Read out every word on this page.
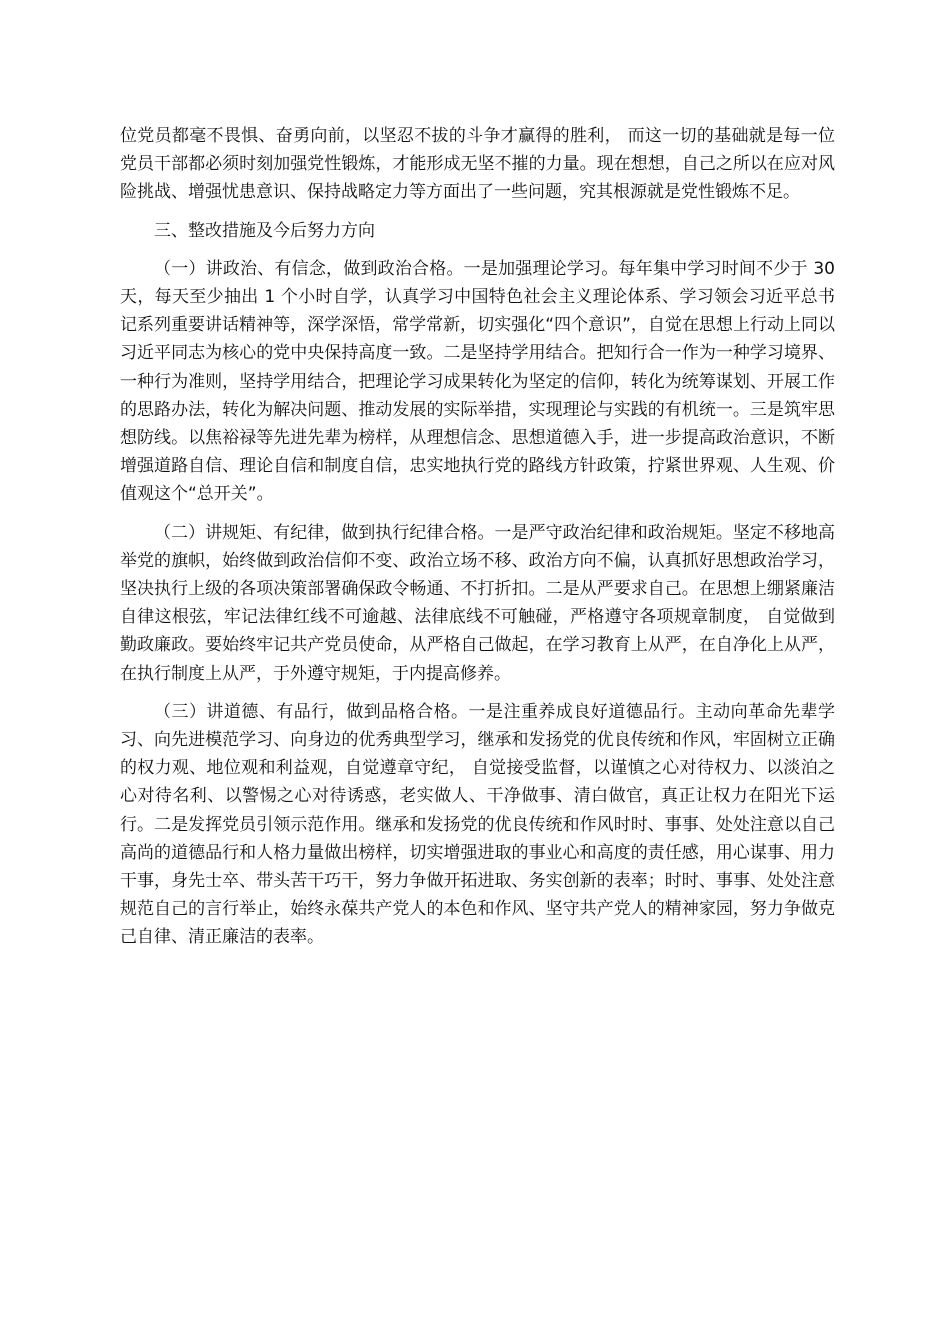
位党员都毫不畏惧、奋勇向前，以坚忍不拔的斗争才赢得的胜利， 而这一切的基础就是每一位党员干部都必须时刻加强党性锻炼，才能形成无坚不摧的力量。现在想想，自己之所以在应对风险挑战、增强忧患意识、保持战略定力等方面出了一些问题，究其根源就是党性锻炼不足。

三、整改措施及今后努力方向

（一）讲政治、有信念，做到政治合格。一是加强理论学习。每年集中学习时间不少于 30 天，每天至少抽出 1 个小时自学，认真学习中国特色社会主义理论体系、学习领会习近平总书记系列重要讲话精神等，深学深悟，常学常新，切实强化“四个意识”，自觉在思想上行动上同以习近平同志为核心的党中央保持高度一致。二是坚持学用结合。把知行合一作为一种学习境界、一种行为准则，坚持学用结合，把理论学习成果转化为坚定的信仰，转化为统筹谋划、开展工作的思路办法，转化为解决问题、推动发展的实际举措，实现理论与实践的有机统一。三是筑牢思想防线。以焦裕禄等先进先辈为榜样，从理想信念、思想道德入手，进一步提高政治意识，不断增强道路自信、理论自信和制度自信，忠实地执行党的路线方针政策，拧紧世界观、人生观、价值观这个“总开关”。

（二）讲规矩、有纪律，做到执行纪律合格。一是严守政治纪律和政治规矩。坚定不移地高举党的旗帜，始终做到政治信仰不变、政治立场不移、政治方向不偏，认真抓好思想政治学习，坚决执行上级的各项决策部署确保政令畅通、不打折扣。二是从严要求自己。在思想上绷紧廉洁自律这根弦，牢记法律红线不可逾越、法律底线不可触碰，严格遵守各项规章制度， 自觉做到勤政廉政。要始终牢记共产党员使命，从严格自己做起，在学习教育上从严，在自净化上从严，在执行制度上从严，于外遵守规矩，于内提高修养。

（三）讲道德、有品行，做到品格合格。一是注重养成良好道德品行。主动向革命先辈学习、向先进模范学习、向身边的优秀典型学习，继承和发扬党的优良传统和作风，牢固树立正确的权力观、地位观和利益观，自觉遵章守纪， 自觉接受监督，以谨慎之心对待权力、以淡泊之心对待名利、以警惕之心对待诱惑，老实做人、干净做事、清白做官，真正让权力在阳光下运行。二是发挥党员引领示范作用。继承和发扬党的优良传统和作风时时、事事、处处注意以自己高尚的道德品行和人格力量做出榜样，切实增强进取的事业心和高度的责任感，用心谋事、用力干事，身先士卒、带头苦干巧干，努力争做开拓进取、务实创新的表率；时时、事事、处处注意规范自己的言行举止，始终永葆共产党人的本色和作风、坚守共产党人的精神家园，努力争做克己自律、清正廉洁的表率。
